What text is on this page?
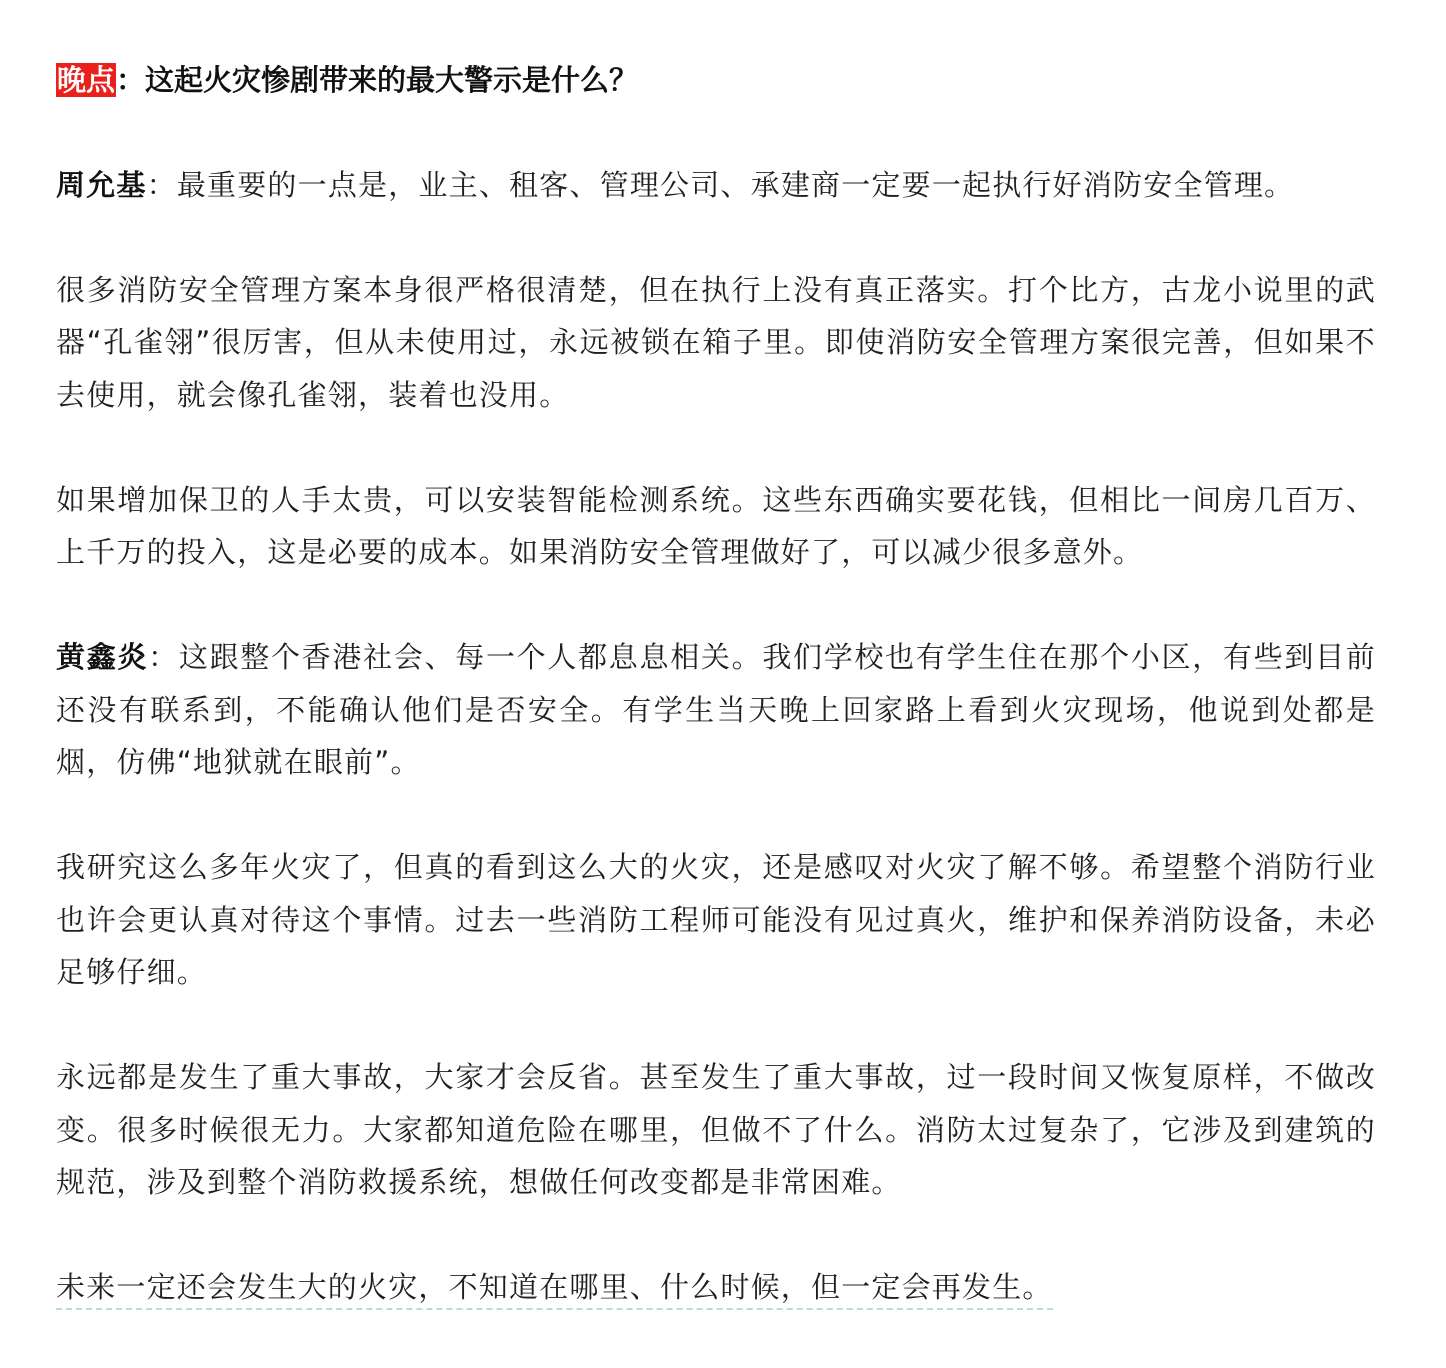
晚点：这起火灾惨剧带来的最大警示是什么？

周允基：最重要的一点是，业主、租客、管理公司、承建商一定要一起执行好消防安全管理。

很多消防安全管理方案本身很严格很清楚，但在执行上没有真正落实。打个比方，古龙小说里的武器“孔雀翎”很厉害，但从未使用过，永远被锁在箱子里。即使消防安全管理方案很完善，但如果不去使用，就会像孔雀翎，装着也没用。

如果增加保卫的人手太贵，可以安装智能检测系统。这些东西确实要花钱，但相比一间房几百万、上千万的投入，这是必要的成本。如果消防安全管理做好了，可以减少很多意外。

黄鑫炎：这跟整个香港社会、每一个人都息息相关。我们学校也有学生住在那个小区，有些到目前还没有联系到，不能确认他们是否安全。有学生当天晚上回家路上看到火灾现场，他说到处都是烟，仿佛“地狱就在眼前”。

我研究这么多年火灾了，但真的看到这么大的火灾，还是感叹对火灾了解不够。希望整个消防行业也许会更认真对待这个事情。过去一些消防工程师可能没有见过真火，维护和保养消防设备，未必足够仔细。

永远都是发生了重大事故，大家才会反省。甚至发生了重大事故，过一段时间又恢复原样，不做改变。很多时候很无力。大家都知道危险在哪里，但做不了什么。消防太过复杂了，它涉及到建筑的规范，涉及到整个消防救援系统，想做任何改变都是非常困难。

未来一定还会发生大的火灾，不知道在哪里、什么时候，但一定会再发生。
